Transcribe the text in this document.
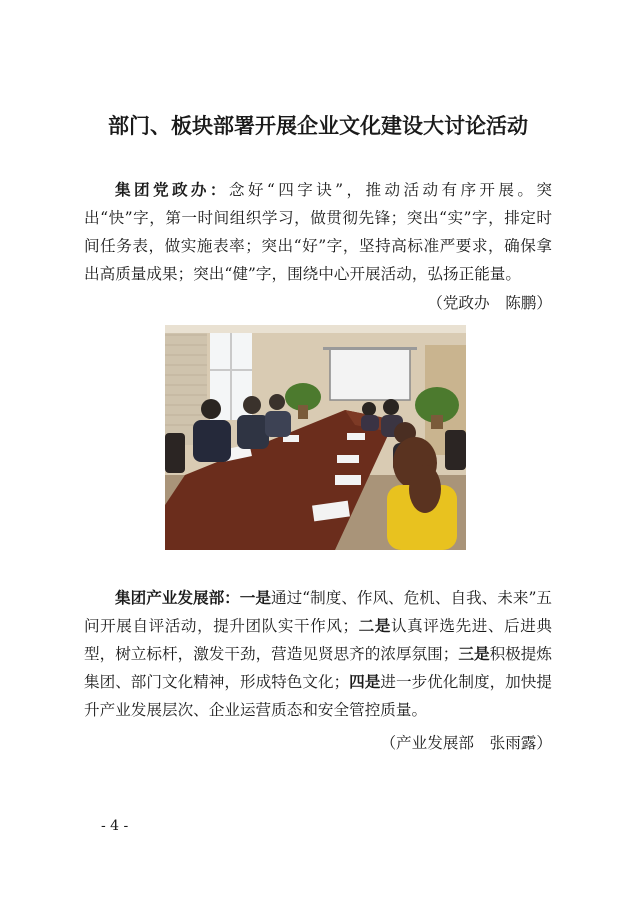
部门、板块部署开展企业文化建设大讨论活动
集团党政办：念好“四字诀”，推动活动有序开展。突出“快”字，第一时间组织学习，做贯彻先锋；突出“实”字，排定时间任务表，做实施表率；突出“好”字，坚持高标准严要求，确保拿出高质量成果；突出“健”字，围绕中心开展活动，弘扬正能量。
（党政办　陈鹏）
集团产业发展部：一是通过“制度、作风、危机、自我、未来”五问开展自评活动，提升团队实干作风；二是认真评选先进、后进典型，树立标杆，激发干劲，营造见贤思齐的浓厚氛围；三是积极提炼集团、部门文化精神，形成特色文化；四是进一步优化制度，加快提升产业发展层次、企业运营质态和安全管控质量。
（产业发展部　张雨露）
- 4 -
